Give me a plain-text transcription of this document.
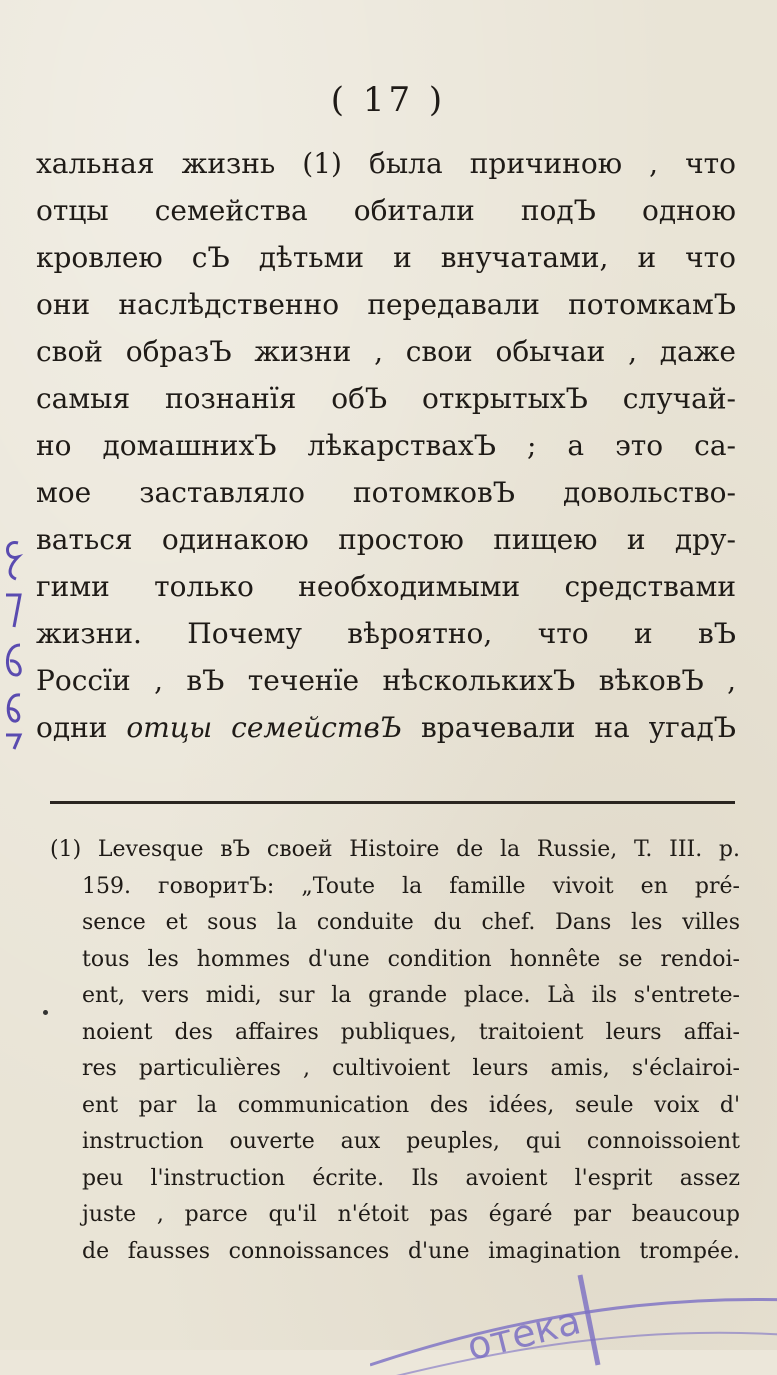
( 17 )
хальная жизнь (1) была причиною , что
отцы семейства обитали подЪ одною
кровлею сЪ дѣтьми и внучатами, и что
они наслѣдственно передавали потомкамЪ
свой образЪ жизни , свои обычаи , даже
самыя познанїя обЪ открытыхЪ случай-
но домашнихЪ лѣкарствахЪ ; а это са-
мое заставляло потомковЪ довольство-
ваться одинакою простою пищею и дру-
гими только необходимыми средствами
жизни. Почему вѣроятно, что и вЪ
Россїи , вЪ теченїе нѣсколькихЪ вѣковЪ ,
одни отцы семействЪ врачевали на угадЪ
(1) Levesque вЪ своей Histoire de la Russie, T. III. p.
159. говоритЪ: „Toute la famille vivoit en pré-
sence et sous la conduite du chef. Dans les villes
tous les hommes d'une condition honnête se rendoi-
ent, vers midi, sur la grande place. Là ils s'entrete-
noient des affaires publiques, traitoient leurs affai-
res particulières , cultivoient leurs amis, s'éclairoi-
ent par la communication des idées, seule voix d'
instruction ouverte aux peuples, qui connoissoient
peu l'instruction écrite. Ils avoient l'esprit assez
juste , parce qu'il n'étoit pas égaré par beaucoup
de fausses connoissances d'une imagination trompée.
отека
